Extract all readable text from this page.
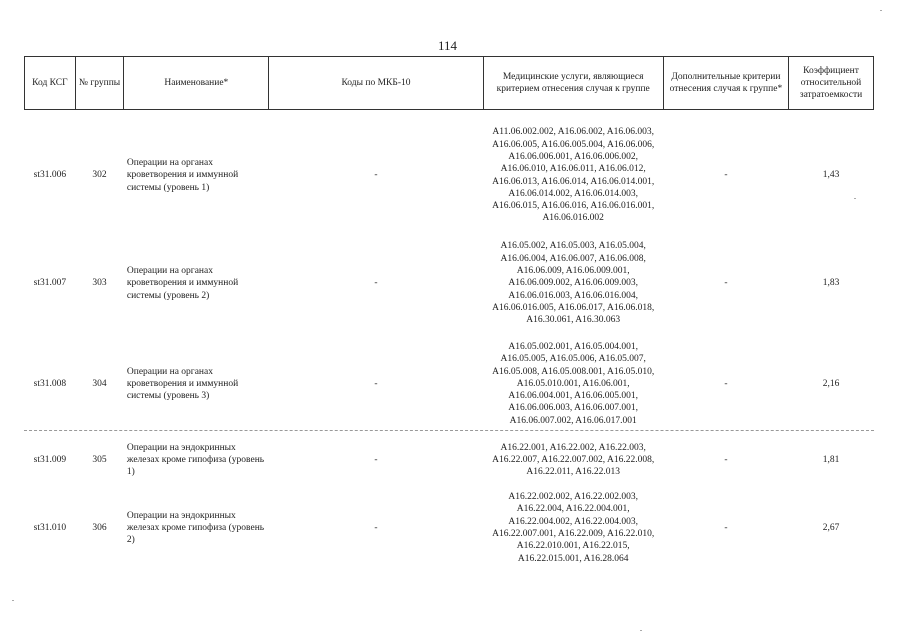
114
Код КСГ	№ группы	Наименование*	Коды по МКБ-10	Медицинские услуги, являющиеся критерием отнесения случая к группе	Дополнительные критерии отнесения случая к группе*	Коэффициент относительной затратоемкости

st31.006	302	Операции на органах кроветворения и иммунной системы (уровень 1)	-	A11.06.002.002, A16.06.002, A16.06.003, A16.06.005, A16.06.005.004, A16.06.006, A16.06.006.001, A16.06.006.002, A16.06.010, A16.06.011, A16.06.012, A16.06.013, A16.06.014, A16.06.014.001, A16.06.014.002, A16.06.014.003, A16.06.015, A16.06.016, A16.06.016.001, A16.06.016.002	-	1,43
st31.007	303	Операции на органах кроветворения и иммунной системы (уровень 2)	-	A16.05.002, A16.05.003, A16.05.004, A16.06.004, A16.06.007, A16.06.008, A16.06.009, A16.06.009.001, A16.06.009.002, A16.06.009.003, A16.06.016.003, A16.06.016.004, A16.06.016.005, A16.06.017, A16.06.018, A16.30.061, A16.30.063	-	1,83
st31.008	304	Операции на органах кроветворения и иммунной системы (уровень 3)	-	A16.05.002.001, A16.05.004.001, A16.05.005, A16.05.006, A16.05.007, A16.05.008, A16.05.008.001, A16.05.010, A16.05.010.001, A16.06.001, A16.06.004.001, A16.06.005.001, A16.06.006.003, A16.06.007.001, A16.06.007.002, A16.06.017.001	-	2,16
st31.009	305	Операции на эндокринных железах кроме гипофиза (уровень 1)	-	A16.22.001, A16.22.002, A16.22.003, A16.22.007, A16.22.007.002, A16.22.008, A16.22.011, A16.22.013	-	1,81
st31.010	306	Операции на эндокринных железах кроме гипофиза (уровень 2)	-	A16.22.002.002, A16.22.002.003, A16.22.004, A16.22.004.001, A16.22.004.002, A16.22.004.003, A16.22.007.001, A16.22.009, A16.22.010, A16.22.010.001, A16.22.015, A16.22.015.001, A16.28.064	-	2,67
